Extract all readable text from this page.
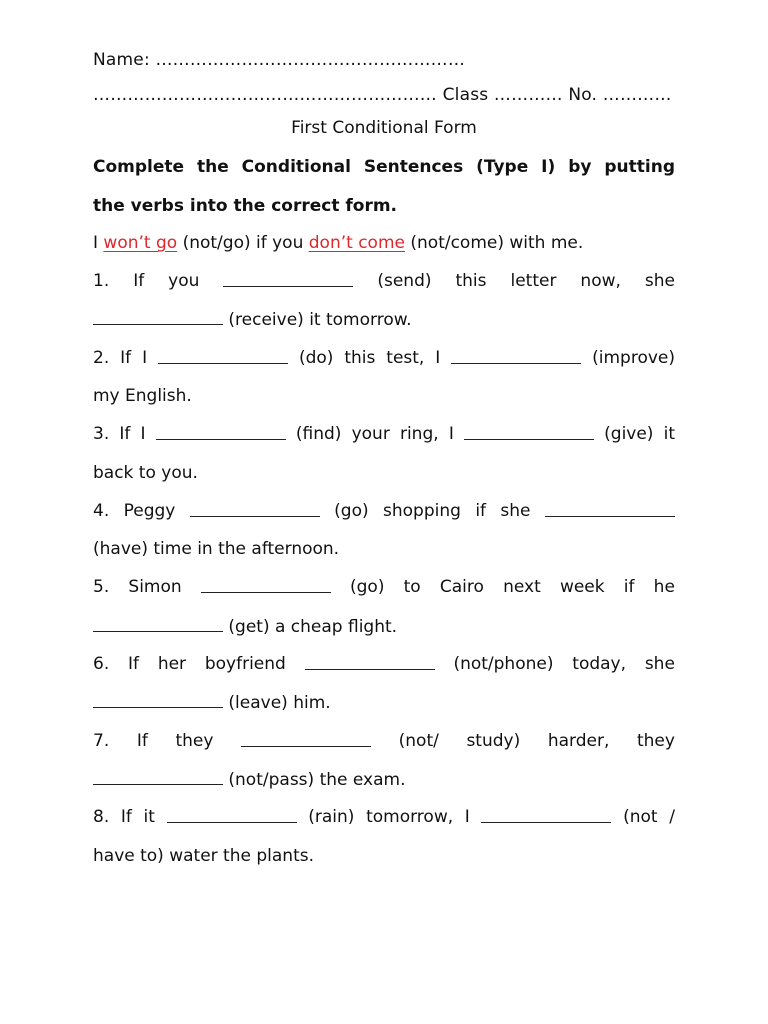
Name: ………………………………………………
…………………………………………………… Class ………… No. …………
First Conditional Form
Complete the Conditional Sentences (Type I) by putting
the verbs into the correct form.
I won’t go (not/go) if you don’t come (not/come) with me.
1. If you	(send) this letter now, she
(receive) it tomorrow.
2. If I	(do) this test, I	(improve)
my English.
3. If I	(find) your ring, I	(give) it
back to you.
4. Peggy	(go) shopping if she
(have) time in the afternoon.
5. Simon	(go) to Cairo next week if he
(get) a cheap flight.
6. If her boyfriend	(not/phone) today, she
(leave) him.
7. If they	(not/ study) harder, they
(not/pass) the exam.
8. If it	(rain) tomorrow, I	(not /
have to) water the plants.
